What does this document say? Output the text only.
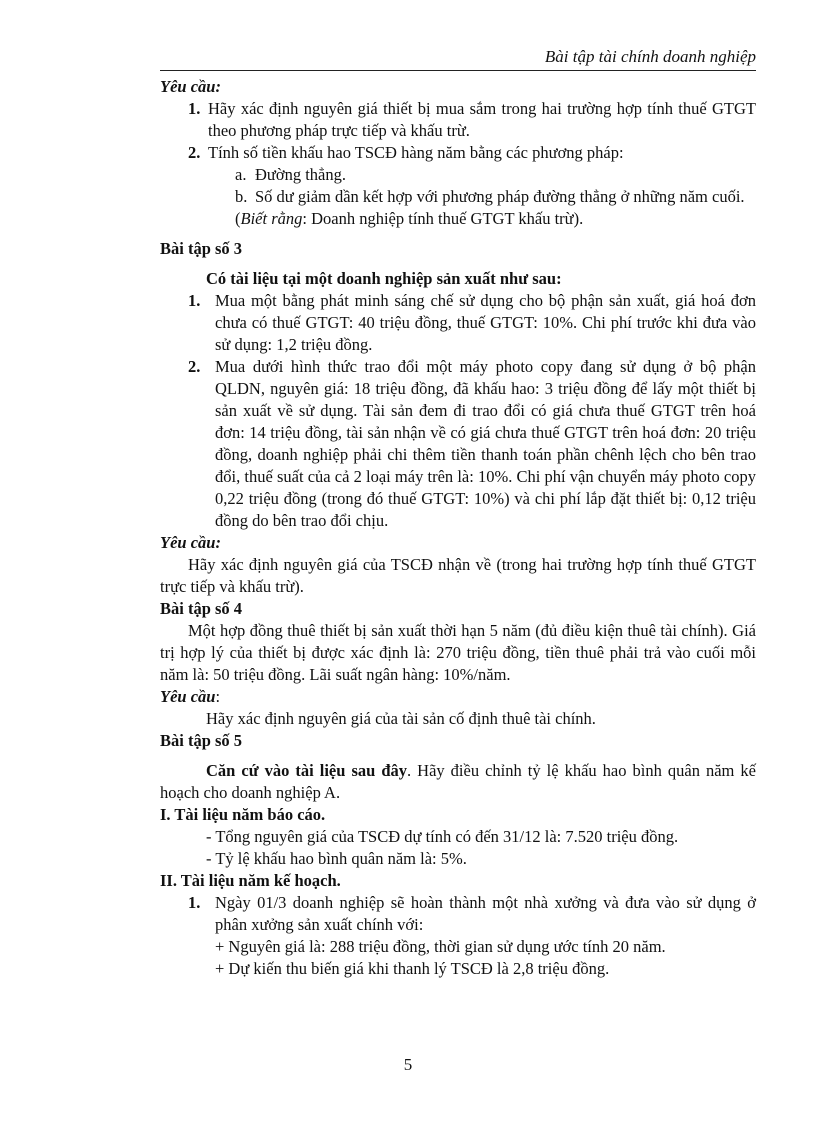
Bài tập tài chính doanh nghiệp

Yêu cầu:

1. Hãy xác định nguyên giá thiết bị mua sắm trong hai trường hợp tính thuế GTGT theo phương pháp trực tiếp và khấu trừ.
2. Tính số tiền khấu hao TSCĐ hàng năm bằng các phương pháp:
a. Đường thẳng.
b. Số dư giảm dần kết hợp với phương pháp đường thẳng ở những năm cuối.

(Biết rằng: Doanh nghiệp tính thuế GTGT khấu trừ).

Bài tập số 3

Có tài liệu tại một doanh nghiệp sản xuất như sau:

1. Mua một bằng phát minh sáng chế sử dụng cho bộ phận sản xuất, giá hoá đơn chưa có thuế GTGT: 40 triệu đồng, thuế GTGT: 10%. Chi phí trước khi đưa vào sử dụng: 1,2 triệu đồng.
2. Mua dưới hình thức trao đổi một máy photo copy đang sử dụng ở bộ phận QLDN, nguyên giá: 18 triệu đồng, đã khấu hao: 3 triệu đồng để lấy một thiết bị sản xuất về sử dụng. Tài sản đem đi trao đổi có giá chưa thuế GTGT trên hoá đơn: 14 triệu đồng, tài sản nhận về có giá chưa thuế GTGT trên hoá đơn: 20 triệu đồng, doanh nghiệp phải chi thêm tiền thanh toán phần chênh lệch cho bên trao đổi, thuế suất của cả 2 loại máy trên là: 10%. Chi phí vận chuyển máy photo copy 0,22 triệu đồng (trong đó thuế GTGT: 10%) và chi phí lắp đặt thiết bị: 0,12 triệu đồng do bên trao đổi chịu.

Yêu cầu:

Hãy xác định nguyên giá của TSCĐ nhận về (trong hai trường hợp tính thuế GTGT trực tiếp và khấu trừ).

Bài tập số 4

Một hợp đồng thuê thiết bị sản xuất thời hạn 5 năm (đủ điều kiện thuê tài chính). Giá trị hợp lý của thiết bị được xác định là: 270 triệu đồng, tiền thuê phải trả vào cuối mỗi năm là: 50 triệu đồng. Lãi suất ngân hàng: 10%/năm.

Yêu cầu:

Hãy xác định nguyên giá của tài sản cố định thuê tài chính.

Bài tập số 5

Căn cứ vào tài liệu sau đây. Hãy điều chỉnh tỷ lệ khấu hao bình quân năm kế hoạch cho doanh nghiệp A.

I. Tài liệu năm báo cáo.

- Tổng nguyên giá của TSCĐ dự tính có đến 31/12 là: 7.520 triệu đồng.

- Tỷ lệ khấu hao bình quân năm là: 5%.

II. Tài liệu năm kế hoạch.

1. Ngày 01/3 doanh nghiệp sẽ hoàn thành một nhà xưởng và đưa vào sử dụng ở phân xưởng sản xuất chính với:

+ Nguyên giá là: 288 triệu đồng, thời gian sử dụng ước tính 20 năm.

+ Dự kiến thu biến giá khi thanh lý TSCĐ là 2,8 triệu đồng.

5
